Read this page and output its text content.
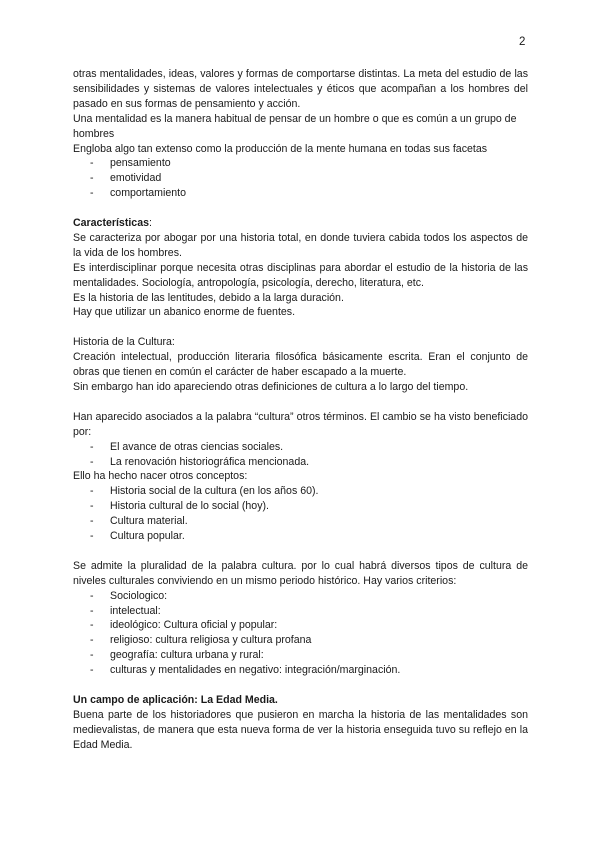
2

otras mentalidades, ideas, valores y formas de comportarse distintas. La meta del estudio de las sensibilidades y sistemas de valores intelectuales y éticos que acompañan a los hombres del pasado en sus formas de pensamiento y acción.

Una mentalidad es la manera habitual de pensar de un hombre o que es común a un grupo de hombres

Engloba algo tan extenso como la producción de la mente humana en todas sus facetas

- pensamiento
- emotividad
- comportamiento

Características:

Se caracteriza por abogar por una historia total, en donde tuviera cabida todos los aspectos de la vida de los hombres.

Es interdisciplinar porque necesita otras disciplinas para abordar el estudio de la historia de las mentalidades. Sociología, antropología, psicología, derecho, literatura, etc.

Es la historia de las lentitudes, debido a la larga duración.

Hay que utilizar un abanico enorme de fuentes.

Historia de la Cultura:

Creación intelectual, producción literaria filosófica básicamente escrita. Eran el conjunto de obras que tienen en común el carácter de haber escapado a la muerte.

Sin embargo han ido apareciendo otras definiciones de cultura a lo largo del tiempo.

Han aparecido asociados a la palabra “cultura” otros términos. El cambio se ha visto beneficiado por:

- El avance de otras ciencias sociales.
- La renovación historiográfica mencionada.

Ello ha hecho nacer otros conceptos:

- Historia social de la cultura (en los años 60).
- Historia cultural de lo social (hoy).
- Cultura material.
- Cultura popular.

Se admite la pluralidad de la palabra cultura. por lo cual habrá diversos tipos de cultura de niveles culturales conviviendo en un mismo periodo histórico. Hay varios criterios:

- Sociologico:
- intelectual:
- ideológico: Cultura oficial y popular:
- religioso: cultura religiosa y cultura profana
- geografía: cultura urbana y rural:
- culturas y mentalidades en negativo: integración/marginación.

Un campo de aplicación: La Edad Media.

Buena parte de los historiadores que pusieron en marcha la historia de las mentalidades son medievalistas, de manera que esta nueva forma de ver la historia enseguida tuvo su reflejo en la Edad Media.
